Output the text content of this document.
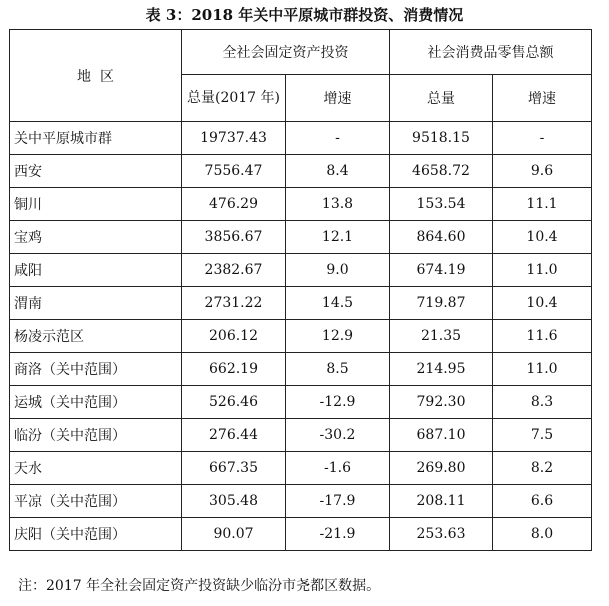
表 3：2018 年关中平原城市群投资、消费情况
地  区	全社会固定资产投资		社会消费品零售总额	
	总量(2017 年)	增速	总量	增速
关中平原城市群	19737.43	-	9518.15	-
西安	7556.47	8.4	4658.72	9.6
铜川	476.29	13.8	153.54	11.1
宝鸡	3856.67	12.1	864.60	10.4
咸阳	2382.67	9.0	674.19	11.0
渭南	2731.22	14.5	719.87	10.4
杨凌示范区	206.12	12.9	21.35	11.6
商洛（关中范围）	662.19	8.5	214.95	11.0
运城（关中范围）	526.46	-12.9	792.30	8.3
临汾（关中范围）	276.44	-30.2	687.10	7.5
天水	667.35	-1.6	269.80	8.2
平凉（关中范围）	305.48	-17.9	208.11	6.6
庆阳（关中范围）	90.07	-21.9	253.63	8.0
注：2017 年全社会固定资产投资缺少临汾市尧都区数据。
